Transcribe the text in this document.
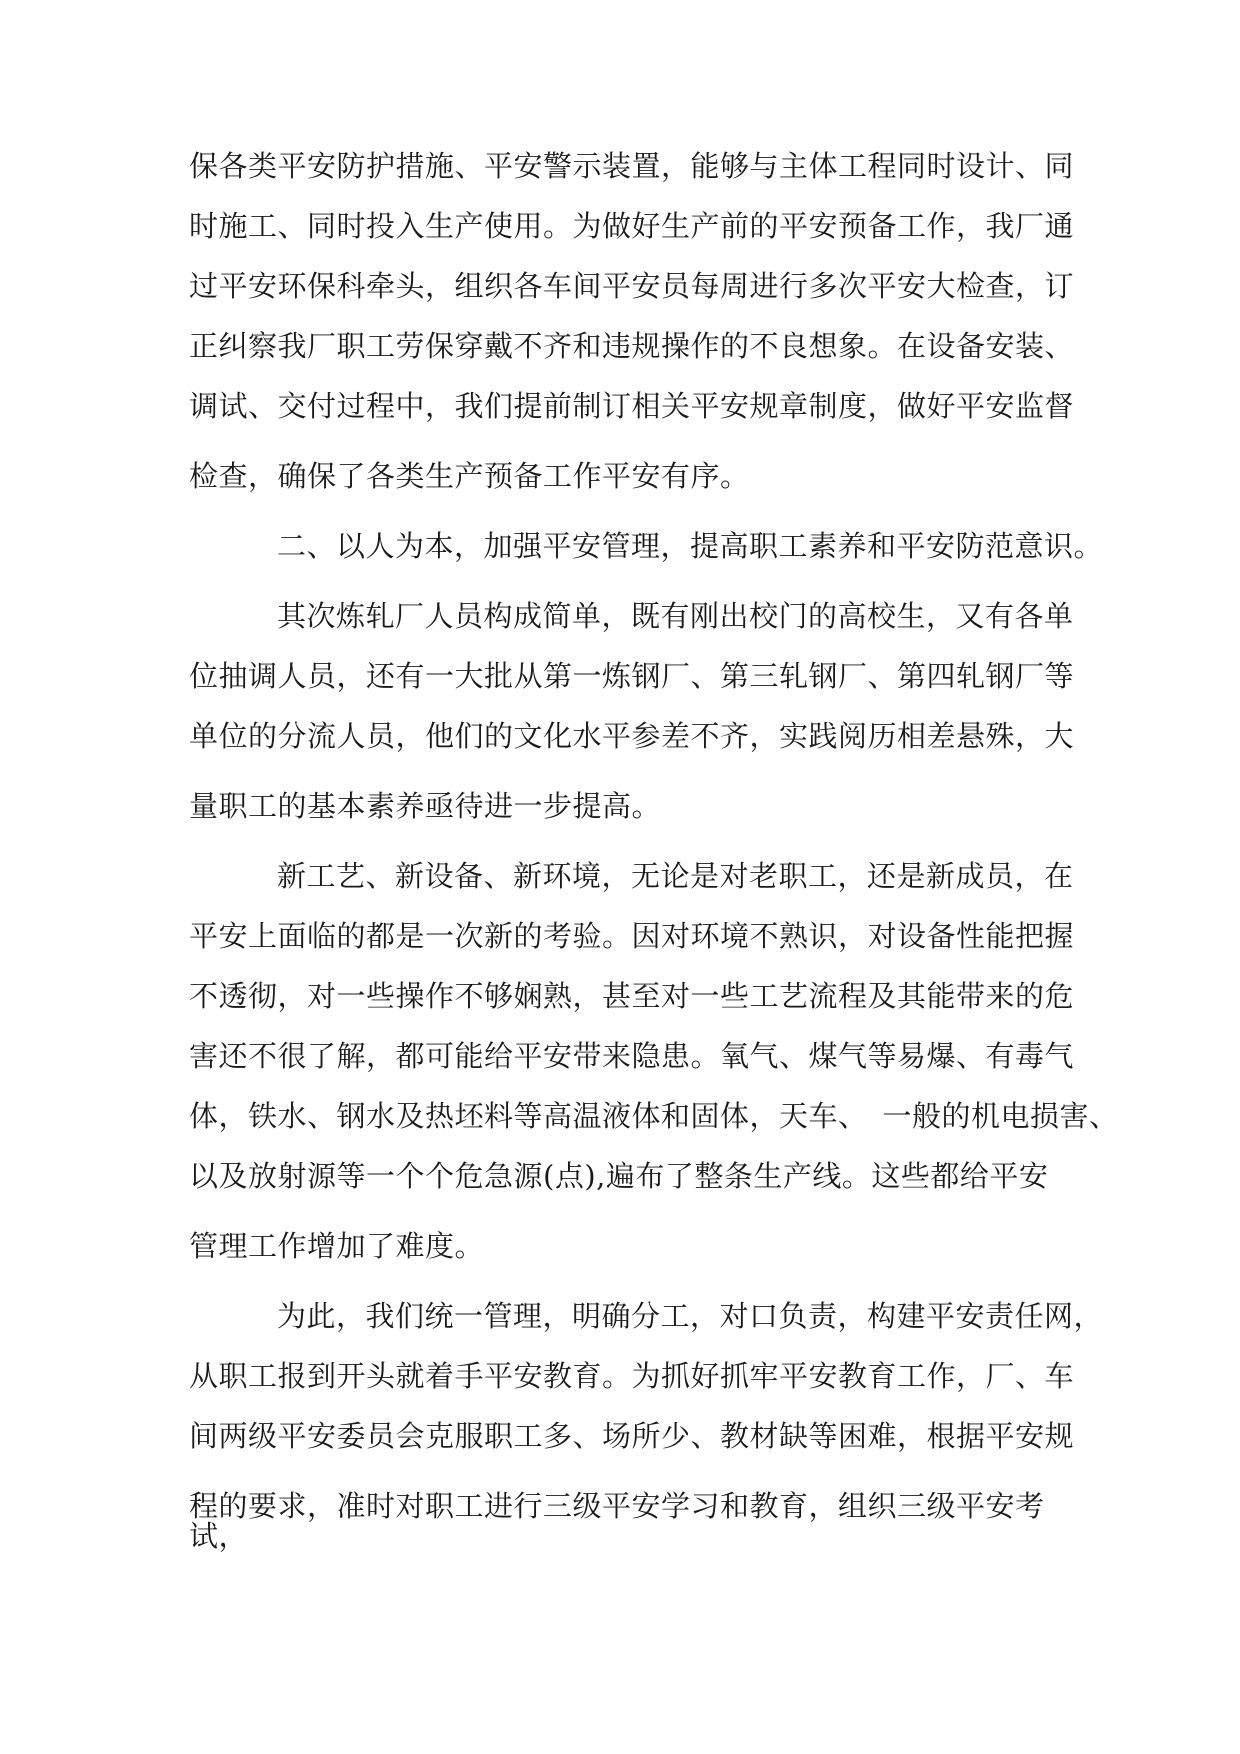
保各类平安防护措施、平安警示装置，能够与主体工程同时设计、同
时施工、同时投入生产使用。为做好生产前的平安预备工作，我厂通
过平安环保科牵头，组织各车间平安员每周进行多次平安大检查，订
正纠察我厂职工劳保穿戴不齐和违规操作的不良想象。在设备安装、
调试、交付过程中，我们提前制订相关平安规章制度，做好平安监督
检查，确保了各类生产预备工作平安有序。
二、以人为本，加强平安管理，提高职工素养和平安防范意识。
其次炼轧厂人员构成简单，既有刚出校门的高校生，又有各单
位抽调人员，还有一大批从第一炼钢厂、第三轧钢厂、第四轧钢厂等
单位的分流人员，他们的文化水平参差不齐，实践阅历相差悬殊，大
量职工的基本素养亟待进一步提高。
新工艺、新设备、新环境，无论是对老职工，还是新成员，在
平安上面临的都是一次新的考验。因对环境不熟识，对设备性能把握
不透彻，对一些操作不够娴熟，甚至对一些工艺流程及其能带来的危
害还不很了解，都可能给平安带来隐患。氧气、煤气等易爆、有毒气
体，铁水、钢水及热坯料等高温液体和固体，天车、　一般的机电损害、
以及放射源等一个个危急源(点),遍布了整条生产线。这些都给平安
管理工作增加了难度。
为此，我们统一管理，明确分工，对口负责，构建平安责任网，
从职工报到开头就着手平安教育。为抓好抓牢平安教育工作，厂、车
间两级平安委员会克服职工多、场所少、教材缺等困难，根据平安规
程的要求，准时对职工进行三级平安学习和教育，组织三级平安考
试，
